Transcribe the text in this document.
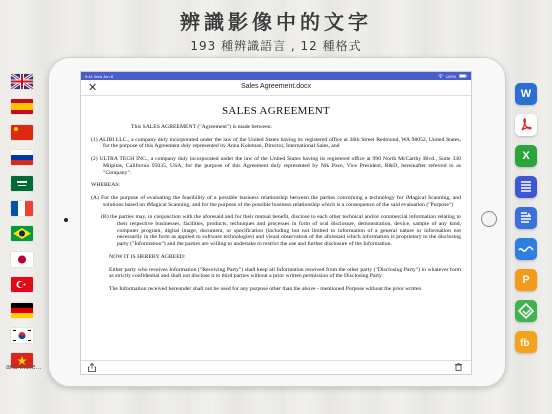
辨識影像中的文字
193 種辨識語言 , 12 種格式
and more...
9:41 Wed Jun 8	100%
✕	Sales Agreement.docx
SALES AGREEMENT

This SALES AGREEMENT ("Agreement") is made between:

(1) ALIBI LLC., a company duly incorporated under the law of the United States having its registered office at 36th Street Redmond, WA 98052, United States, for the purpose of this Agreement duly represented by Anna Koleman, Director, International Sales, and

(2) ULTRA TECH INC., a company duly incorporated under the law of the United States having its registered office at 990 North McCarthy Blvd., Suite 330 Milpitas, California 95035, USA, for the purpose of this Agreement duly represented by Nik Pace, Vice President, R&D, hereinafter referred to as "Company".

WHEREAS:

(A) For the purpose of evaluating the feasibility of a possible business relationship between the parties concerning a technology for iMagical Scanning, and solutions based on iMagical Scanning, and for the purpose of the possible business relationship which is a consequence of the said evaluation ("Purpose")

(B) the parties may, in conjunction with the aforesaid and for their mutual benefit, disclose to each other technical and/or commercial information relating to their respective businesses, facilities, products, techniques and processes in form of oral disclosure, demonstration, device, sample of any kind, computer program, digital image, document, or specification (including but not limited to information of a general nature or information not necessarily in the form as applied to software technologies) and visual observation of the aforesaid which information is proprietary to the disclosing party ("Information") and the parties are willing to undertake to restrict the use and further disclosure of the Information.

NOW IT IS HEREBY AGREED:

Either party who receives Information ("Receiving Party") shall keep all Information received from the other party ("Disclosing Party") in whatever form as strictly confidential and shall not disclose it to third parties without a prior written permission of the Disclosing Party.

The Information received hereunder shall not be used for any purpose other than the above - mentioned Purpose without the prior written

W
X
A
P
fb
